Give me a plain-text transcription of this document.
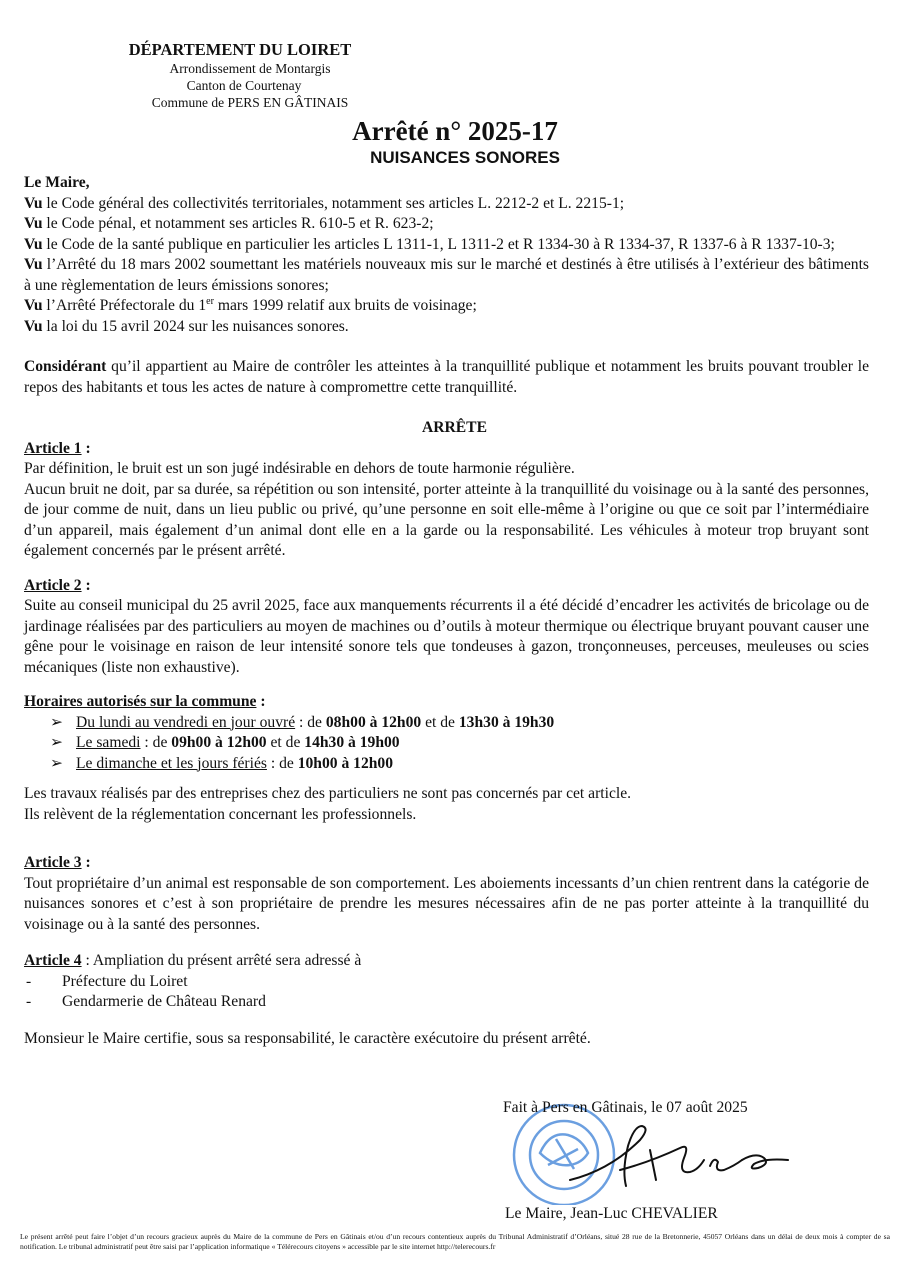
DÉPARTEMENT DU LOIRET
Arrondissement de Montargis
Canton de Courtenay
Commune de PERS EN GÂTINAIS
Arrêté n° 2025-17
NUISANCES SONORES

Le Maire,

Vu le Code général des collectivités territoriales, notamment ses articles L. 2212-2 et L. 2215-1;

Vu le Code pénal, et notamment ses articles R. 610-5 et R. 623-2;

Vu le Code de la santé publique en particulier les articles L 1311-1, L 1311-2 et R 1334-30 à R 1334-37, R 1337-6 à R 1337-10-3;

Vu l’Arrêté du 18 mars 2002 soumettant les matériels nouveaux mis sur le marché et destinés à être utilisés à l’extérieur des bâtiments à une règlementation de leurs émissions sonores;

Vu l’Arrêté Préfectorale du 1er mars 1999 relatif aux bruits de voisinage;

Vu la loi du 15 avril 2024 sur les nuisances sonores.

Considérant qu’il appartient au Maire de contrôler les atteintes à la tranquillité publique et notamment les bruits pouvant troubler le repos des habitants et tous les actes de nature à compromettre cette tranquillité.

ARRÊTE

Article 1 :

Par définition, le bruit est un son jugé indésirable en dehors de toute harmonie régulière.

Aucun bruit ne doit, par sa durée, sa répétition ou son intensité, porter atteinte à la tranquillité du voisinage ou à la santé des personnes, de jour comme de nuit, dans un lieu public ou privé, qu’une personne en soit elle-même à l’origine ou que ce soit par l’intermédiaire d’un appareil, mais également d’un animal dont elle en a la garde ou la responsabilité. Les véhicules à moteur trop bruyant sont également concernés par le présent arrêté.

Article 2 :

Suite au conseil municipal du 25 avril 2025, face aux manquements récurrents il a été décidé d’encadrer les activités de bricolage ou de jardinage réalisées par des particuliers au moyen de machines ou d’outils à moteur thermique ou électrique bruyant pouvant causer une gêne pour le voisinage en raison de leur intensité sonore tels que tondeuses à gazon, tronçonneuses, perceuses, meuleuses ou scies mécaniques (liste non exhaustive).

Horaires autorisés sur la commune :

➢ Du lundi au vendredi en jour ouvré : de 08h00 à 12h00 et de 13h30 à 19h30
➢ Le samedi : de 09h00 à 12h00 et de 14h30 à 19h00
➢ Le dimanche et les jours fériés : de 10h00 à 12h00

Les travaux réalisés par des entreprises chez des particuliers ne sont pas concernés par cet article.

Ils relèvent de la réglementation concernant les professionnels.

Article 3 :

Tout propriétaire d’un animal est responsable de son comportement. Les aboiements incessants d’un chien rentrent dans la catégorie de nuisances sonores et c’est à son propriétaire de prendre les mesures nécessaires afin de ne pas porter atteinte à la tranquillité du voisinage ou à la santé des personnes.

Article 4 : Ampliation du présent arrêté sera adressé à

- Préfecture du Loiret
- Gendarmerie de Château Renard

Monsieur le Maire certifie, sous sa responsabilité, le caractère exécutoire du présent arrêté.

Fait à Pers en Gâtinais, le 07 août 2025
Le Maire, Jean-Luc CHEVALIER
Le présent arrêté peut faire l’objet d’un recours gracieux auprès du Maire de la commune de Pers en Gâtinais et/ou d’un recours contentieux auprès du Tribunal Administratif d’Orléans, situé 28 rue de la Bretonnerie, 45057 Orléans dans un délai de deux mois à compter de sa notification. Le tribunal administratif peut être saisi par l’application informatique « Télérecours citoyens » accessible par le site internet http://telerecours.fr
